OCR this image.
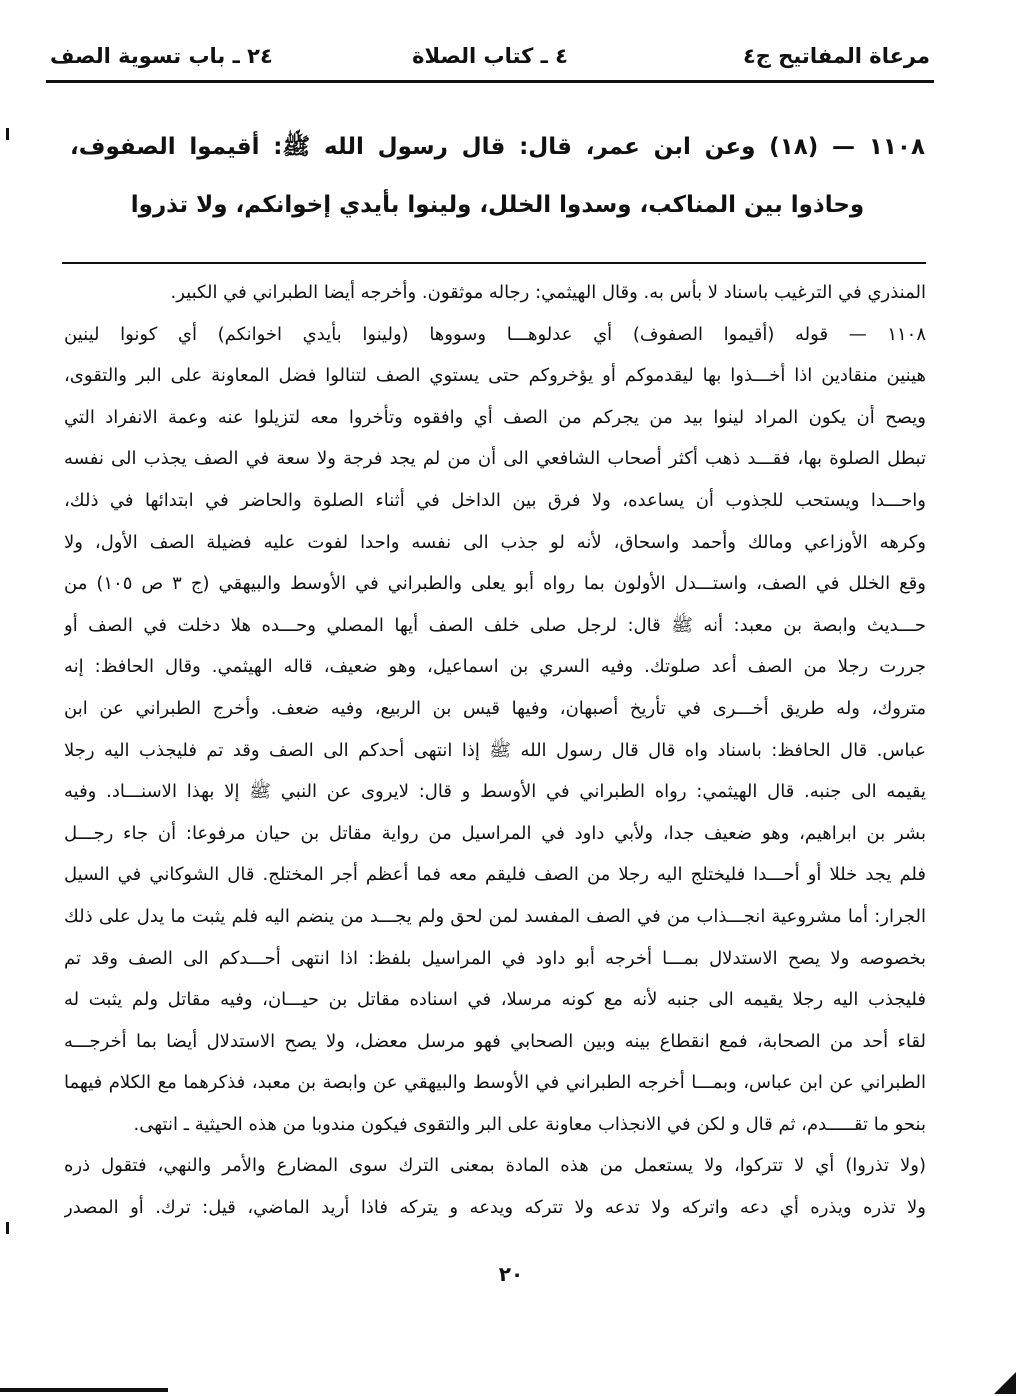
مرعاة المفاتيح ج٤
٤ ـ كتاب الصلاة
٢٤ ـ باب تسوية الصف
١١٠٨ — (١٨) وعن ابن عمر، قال: قال رسول الله ﷺ: أقيموا الصفوف، وحاذوا بين المناكب، وسدوا الخلل، ولينوا بأيدي إخوانكم، ولا تذروا
المنذري في الترغيب باسناد لا بأس به. وقال الهيثمي: رجاله موثقون. وأخرجه أيضا الطبراني في الكبير.
١١٠٨ — قوله (أقيموا الصفوف) أي عدلوهـــا وسووها (ولينوا بأيدي اخوانكم) أي كونوا لينين
هينين منقادين اذا أخـــذوا بها ليقدموكم أو يؤخروكم حتى يستوي الصف لتنالوا فضل المعاونة على البر والتقوى،
ويصح أن يكون المراد لينوا بيد من يجركم من الصف أي وافقوه وتأخروا معه لتزيلوا عنه وعمة الانفراد التي
تبطل الصلوة بها، فقـــد ذهب أكثر أصحاب الشافعي الى أن من لم يجد فرجة ولا سعة في الصف يجذب الى نفسه
واحـــدا ويستحب للجذوب أن يساعده، ولا فرق بين الداخل في أثناء الصلوة والحاضر في ابتدائها في ذلك،
وكرهه الأوزاعي ومالك وأحمد واسحاق، لأنه لو جذب الى نفسه واحدا لفوت عليه فضيلة الصف الأول، ولا
وقع الخلل في الصف، واستـــدل الأولون بما رواه أبو يعلى والطبراني في الأوسط والبيهقي (ج ٣ ص ١٠٥) من
حـــديث وابصة بن معبد: أنه ﷺ قال: لرجل صلى خلف الصف أيها المصلي وحـــده هلا دخلت في الصف أو
جررت رجلا من الصف أعد صلوتك. وفيه السري بن اسماعيل، وهو ضعيف، قاله الهيثمي. وقال الحافظ: إنه
متروك، وله طريق أخـــرى في تأريخ أصبهان، وفيها قيس بن الربيع، وفيه ضعف. وأخرج الطبراني عن ابن
عباس. قال الحافظ: باسناد واه قال قال رسول الله ﷺ إذا انتهى أحدكم الى الصف وقد تم فليجذب اليه رجلا
يقيمه الى جنبه. قال الهيثمي: رواه الطبراني في الأوسط و قال: لايروى عن النبي ﷺ إلا بهذا الاسنـــاد. وفيه
بشر بن ابراهيم، وهو ضعيف جدا، ولأبي داود في المراسيل من رواية مقاتل بن حيان مرفوعا: أن جاء رجـــل
فلم يجد خللا أو أحـــدا فليختلج اليه رجلا من الصف فليقم معه فما أعظم أجر المختلج. قال الشوكاني في السيل
الجرار: أما مشروعية انجـــذاب من في الصف المفسد لمن لحق ولم يجـــد من ينضم اليه فلم يثبت ما يدل على ذلك
بخصوصه ولا يصح الاستدلال بمـــا أخرجه أبو داود في المراسيل بلفظ: اذا انتهى أحـــدكم الى الصف وقد تم
فليجذب اليه رجلا يقيمه الى جنبه لأنه مع كونه مرسلا، في اسناده مقاتل بن حيـــان، وفيه مقاتل ولم يثبت له
لقاء أحد من الصحابة، فمع انقطاع بينه وبين الصحابي فهو مرسل معضل، ولا يصح الاستدلال أيضا بما أخرجـــه
الطبراني عن ابن عباس، وبمـــا أخرجه الطبراني في الأوسط والبيهقي عن وابصة بن معبد، فذكرهما مع الكلام فيهما
بنحو ما تقـــــدم، ثم قال و لكن في الانجذاب معاونة على البر والتقوى فيكون مندوبا من هذه الحيثية ـ انتهى.
(ولا تذروا) أي لا تتركوا، ولا يستعمل من هذه المادة بمعنى الترك سوى المضارع والأمر والنهي، فتقول ذره
ولا تذره ويذره أي دعه واتركه ولا تدعه ولا تتركه ويدعه و يتركه فاذا أريد الماضي، قيل: ترك. أو المصدر
٢٠
